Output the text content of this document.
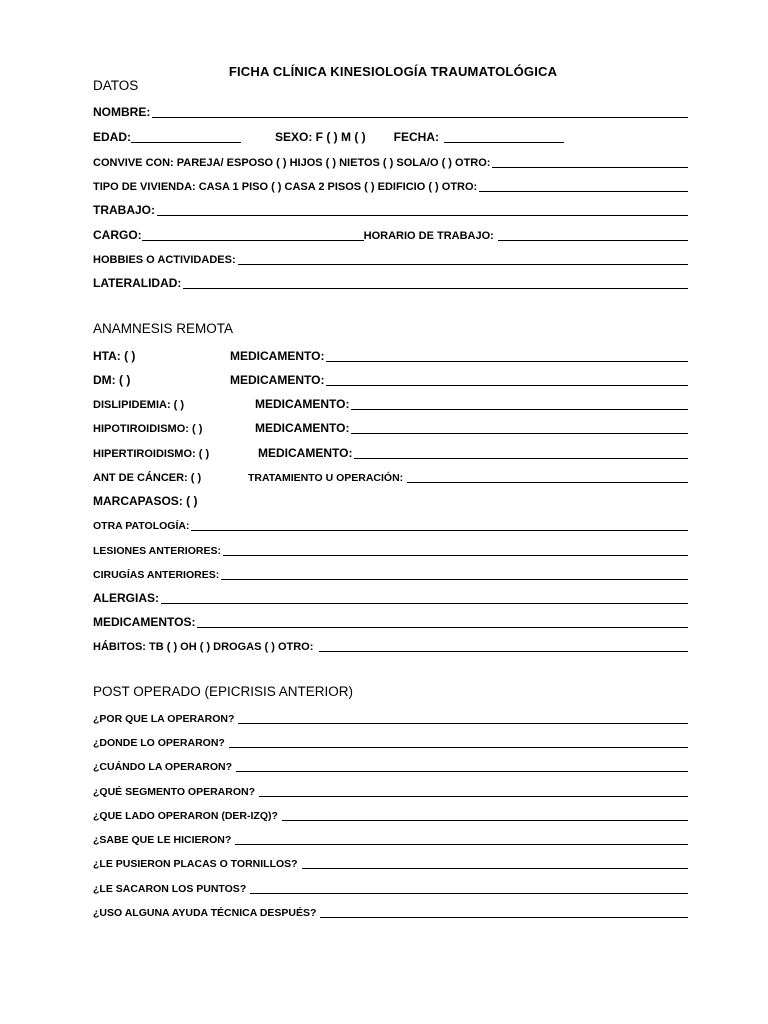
FICHA CLÍNICA KINESIOLOGÍA TRAUMATOLÓGICA
DATOS
NOMBRE:
EDAD:	SEXO: F ( ) M ( ) FECHA:
CONVIVE CON: PAREJA/ ESPOSO ( ) HIJOS ( ) NIETOS ( ) SOLA/O ( ) OTRO:
TIPO DE VIVIENDA: CASA 1 PISO ( ) CASA 2 PISOS ( ) EDIFICIO ( ) OTRO:
TRABAJO:
CARGO:	HORARIO DE TRABAJO:
HOBBIES O ACTIVIDADES:
LATERALIDAD:
ANAMNESIS REMOTA
HTA: ( )	MEDICAMENTO:
DM: ( )	MEDICAMENTO:
DISLIPIDEMIA: ( )	MEDICAMENTO:
HIPOTIROIDISMO: ( )	MEDICAMENTO:
HIPERTIROIDISMO: ( )	MEDICAMENTO:
ANT DE CÁNCER: ( )	TRATAMIENTO U OPERACIÓN:
MARCAPASOS: ( )
OTRA PATOLOGÍA:
LESIONES ANTERIORES:
CIRUGÍAS ANTERIORES:
ALERGIAS:
MEDICAMENTOS:
HÁBITOS: TB ( ) OH ( ) DROGAS ( ) OTRO:
POST OPERADO (EPICRISIS ANTERIOR)
¿POR QUE LA OPERARON?
¿DONDE LO OPERARON?
¿CUÁNDO LA OPERARON?
¿QUÉ SEGMENTO OPERARON?
¿QUE LADO OPERARON (DER-IZQ)?
¿SABE QUE LE HICIERON?
¿LE PUSIERON PLACAS O TORNILLOS?
¿LE SACARON LOS PUNTOS?
¿USO ALGUNA AYUDA TÉCNICA DESPUÉS?
